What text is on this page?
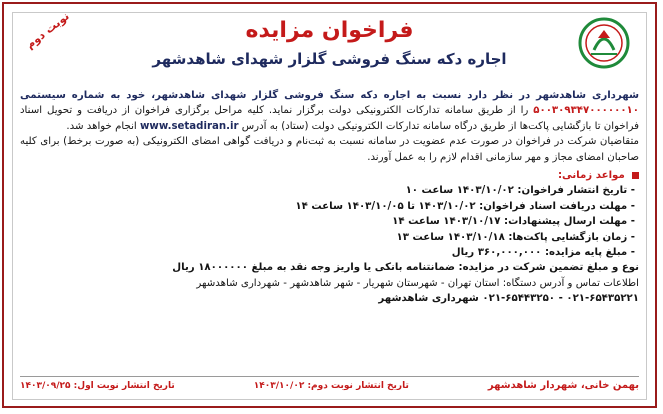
نوبت دوم	فراخوان مزایده
اجاره دکه سنگ فروشی گلزار شهدای شاهدشهر

شهرداری شاهدشهر در نظر دارد نسبت به اجاره دکه سنگ فروشی گلزار شهدای شاهدشهر، خود به شماره سیستمی ۵۰۰۳۰۹۳۴۷۰۰۰۰۰۰۱۰ را از طریق سامانه تدارکات الکترونیکی دولت برگزار نماید. کلیه مراحل برگزاری فراخوان از دریافت و تحویل اسناد فراخوان تا بازگشایی پاکت‌ها از طریق درگاه سامانه تدارکات الکترونیکی دولت (ستاد) به آدرس www.setadiran.ir انجام خواهد شد.

متقاضیان شرکت در فراخوان در صورت عدم عضویت در سامانه نسبت به ثبت‌نام و دریافت گواهی امضای الکترونیکی (به صورت برخط) برای کلیه صاحبان امضای مجاز و مهر سازمانی اقدام لازم را به عمل آورند.

مواعد زمانی:
- تاریخ انتشار فراخوان: ۱۴۰۳/۱۰/۰۲ ساعت ۱۰
- مهلت دریافت اسناد فراخوان: ۱۴۰۳/۱۰/۰۲ تا ۱۴۰۳/۱۰/۰۵ ساعت ۱۴
- مهلت ارسال پیشنهادات: ۱۴۰۳/۱۰/۱۷ ساعت ۱۴
- زمان بازگشایی پاکت‌ها: ۱۴۰۳/۱۰/۱۸ ساعت ۱۳
- مبلغ پایه مزایده: ۳۶۰,۰۰۰,۰۰۰ ریال
نوع و مبلغ تضمین شرکت در مزایده: ضمانتنامه بانکی یا واریز وجه نقد به مبلغ ۱۸۰۰۰۰۰۰ ریال
اطلاعات تماس و آدرس دستگاه: استان تهران - شهرستان شهریار - شهر شاهدشهر - شهرداری شاهدشهر
۰۲۱-۶۵۴۳۵۲۲۱ - ۰۲۱-۶۵۴۴۳۲۵۰ شهرداری شاهدشهر
بهمن خانی، شهردار شاهدشهر
تاریخ انتشار نوبت دوم: ۱۴۰۳/۱۰/۰۲
تاریخ انتشار نوبت اول: ۱۴۰۳/۰۹/۲۵
